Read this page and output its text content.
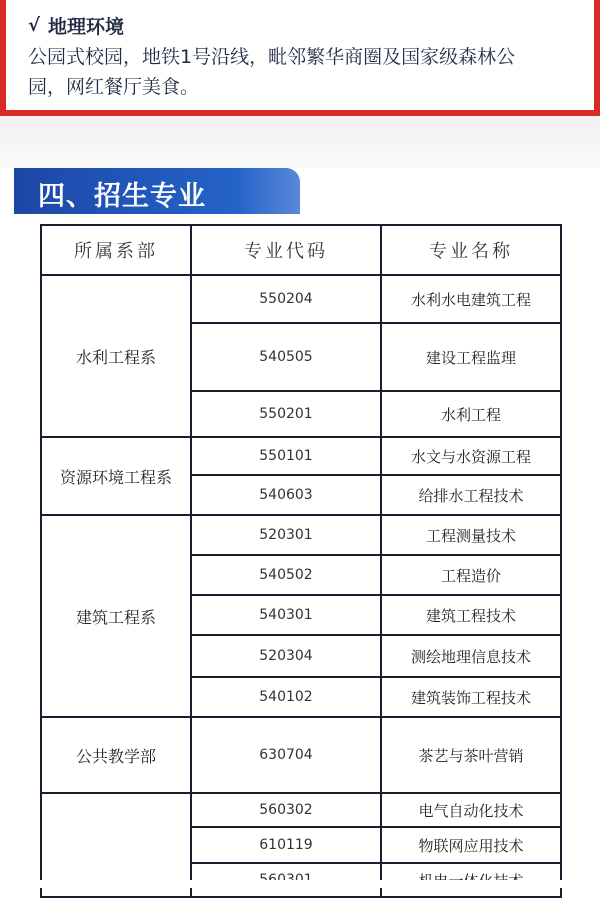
√ 地理环境
公园式校园，地铁1号沿线，毗邻繁华商圈及国家级森林公
园，网红餐厅美食。
四、招生专业
所属系部	专业代码	专业名称
水利工程系	550204	水利水电建筑工程
	540505	建设工程监理
	550201	水利工程
资源环境工程系	550101	水文与水资源工程
	540603	给排水工程技术
建筑工程系	520301	工程测量技术
	540502	工程造价
	540301	建筑工程技术
	520304	测绘地理信息技术
	540102	建筑装饰工程技术
公共教学部	630704	茶艺与茶叶营销
	560302	电气自动化技术
	610119	物联网应用技术
